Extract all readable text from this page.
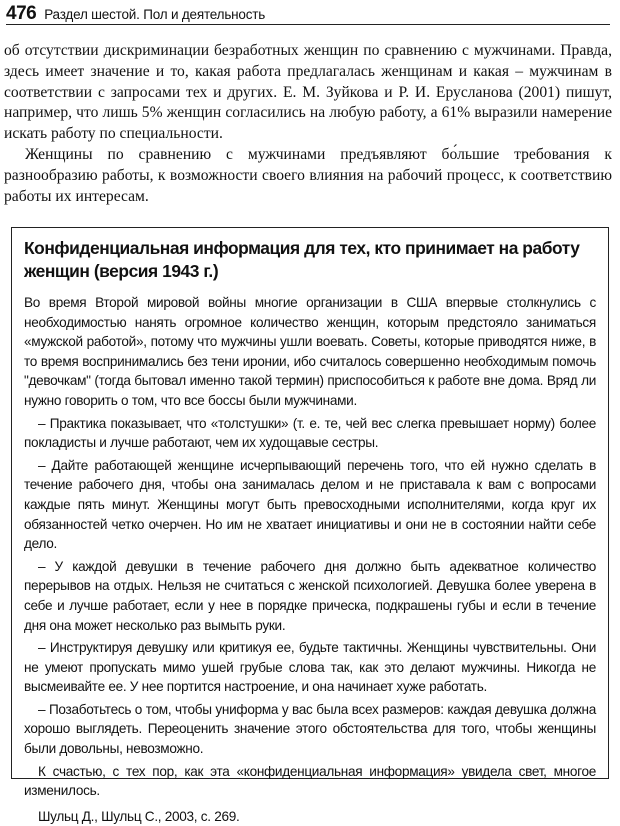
476 Раздел шестой. Пол и деятельность

об отсутствии дискриминации безработных женщин по сравнению с мужчинами. Правда, здесь имеет значение и то, какая работа предлагалась женщинам и какая – мужчинам в соответствии с запросами тех и других. Е. М. Зуйкова и Р. И. Ерусланова (2001) пишут, например, что лишь 5% женщин согласились на любую работу, а 61% выразили намерение искать работу по специальности.

Женщины по сравнению с мужчинами предъявляют бо́льшие требования к разнообразию работы, к возможности своего влияния на рабочий процесс, к соответствию работы их интересам.

Конфиденциальная информация для тех, кто принимает на работу женщин (версия 1943 г.)

Во время Второй мировой войны многие организации в США впервые столкнулись с необходимостью нанять огромное количество женщин, которым предстояло заниматься «мужской работой», потому что мужчины ушли воевать. Советы, которые приводятся ниже, в то время воспринимались без тени иронии, ибо считалось совершенно необходимым помочь "девочкам" (тогда бытовал именно такой термин) приспособиться к работе вне дома. Вряд ли нужно говорить о том, что все боссы были мужчинами.

– Практика показывает, что «толстушки» (т. е. те, чей вес слегка превышает норму) более покладисты и лучше работают, чем их худощавые сестры.

– Дайте работающей женщине исчерпывающий перечень того, что ей нужно сделать в течение рабочего дня, чтобы она занималась делом и не приставала к вам с вопросами каждые пять минут. Женщины могут быть превосходными исполнителями, когда круг их обязанностей четко очерчен. Но им не хватает инициативы и они не в состоянии найти себе дело.

– У каждой девушки в течение рабочего дня должно быть адекватное количество перерывов на отдых. Нельзя не считаться с женской психологией. Девушка более уверена в себе и лучше работает, если у нее в порядке прическа, подкрашены губы и если в течение дня она может несколько раз вымыть руки.

– Инструктируя девушку или критикуя ее, будьте тактичны. Женщины чувствительны. Они не умеют пропускать мимо ушей грубые слова так, как это делают мужчины. Никогда не высмеивайте ее. У нее портится настроение, и она начинает хуже работать.

– Позаботьтесь о том, чтобы униформа у вас была всех размеров: каждая девушка должна хорошо выглядеть. Переоценить значение этого обстоятельства для того, чтобы женщины были довольны, невозможно.

К счастью, с тех пор, как эта «конфиденциальная информация» увидела свет, многое изменилось.

Шульц Д., Шульц С., 2003, с. 269.
